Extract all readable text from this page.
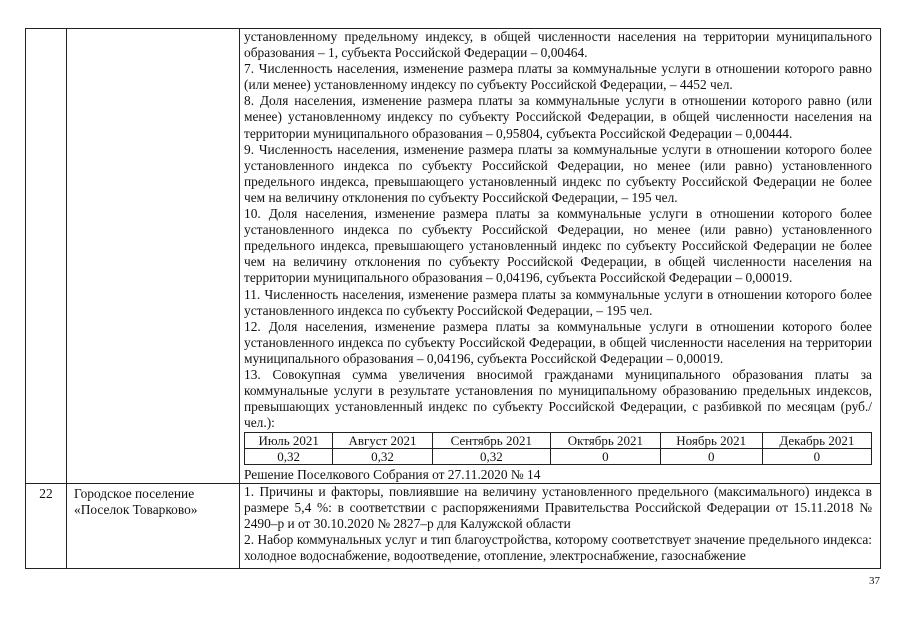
установленному предельному индексу, в общей численности населения на территории муниципального образования – 1, субъекта Российской Федерации – 0,00464.

7. Численность населения, изменение размера платы за коммунальные услуги в отношении которого равно (или менее) установленному индексу по субъекту Российской Федерации, – 4452 чел.

8. Доля населения, изменение размера платы за коммунальные услуги в отношении которого равно (или менее) установленному индексу по субъекту Российской Федерации, в общей численности населения на территории муниципального образования – 0,95804, субъекта Российской Федерации – 0,00444.

9. Численность населения, изменение размера платы за коммунальные услуги в отношении которого более установленного индекса по субъекту Российской Федерации, но менее (или равно) установленного предельного индекса, превышающего установленный индекс по субъекту Российской Федерации не более чем на величину отклонения по субъекту Российской Федерации, – 195 чел.

10. Доля населения, изменение размера платы за коммунальные услуги в отношении которого более установленного индекса по субъекту Российской Федерации, но менее (или равно) установленного предельного индекса, превышающего установленный индекс по субъекту Российской Федерации не более чем на величину отклонения по субъекту Российской Федерации, в общей численности населения на территории муниципального образования – 0,04196, субъекта Российской Федерации – 0,00019.

11. Численность населения, изменение размера платы за коммунальные услуги в отношении которого более установленного индекса по субъекту Российской Федерации, – 195 чел.

12. Доля населения, изменение размера платы за коммунальные услуги в отношении которого более установленного индекса по субъекту Российской Федерации, в общей численности населения на территории муниципального образования – 0,04196, субъекта Российской Федерации – 0,00019.

13. Совокупная сумма увеличения вносимой гражданами муниципального образования платы за коммунальные услуги в результате установления по муниципальному образованию предельных индексов, превышающих установленный индекс по субъекту Российской Федерации, с разбивкой по месяцам (руб./чел.):

Июль 2021	Август 2021	Сентябрь 2021	Октябрь 2021	Ноябрь 2021	Декабрь 2021
0,32	0,32	0,32	0	0	0

Решение Поселкового Собрания от 27.11.2020 № 14

22	Городское поселение
«Поселок Товарково»

1. Причины и факторы, повлиявшие на величину установленного предельного (максимального) индекса в размере 5,4 %: в соответствии с распоряжениями Правительства Российской Федерации от 15.11.2018 № 2490–р и от 30.10.2020 № 2827–р для Калужской области

2. Набор коммунальных услуг и тип благоустройства, которому соответствует значение предельного индекса: холодное водоснабжение, водоотведение, отопление, электроснабжение, газоснабжение

37
